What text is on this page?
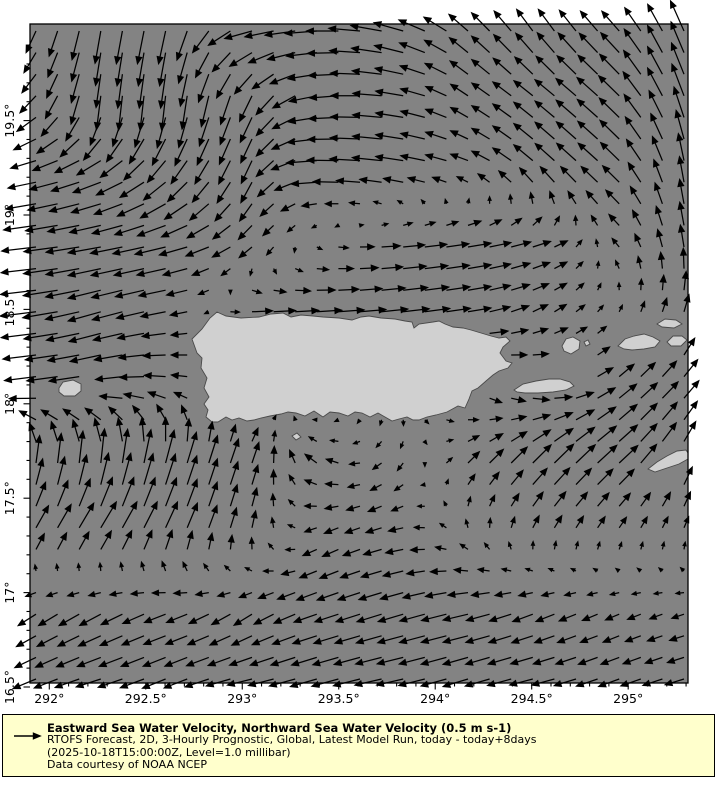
292°	292.5°	293°	293.5°	294°	294.5°	295°
16.5°
17°
17.5°
18°
18.5°
19°
19.5°
Eastward Sea Water Velocity, Northward Sea Water Velocity (0.5 m s-1)
RTOFS Forecast, 2D, 3-Hourly Prognostic, Global, Latest Model Run, today - today+8days
(2025-10-18T15:00:00Z, Level=1.0 millibar)
Data courtesy of NOAA NCEP
